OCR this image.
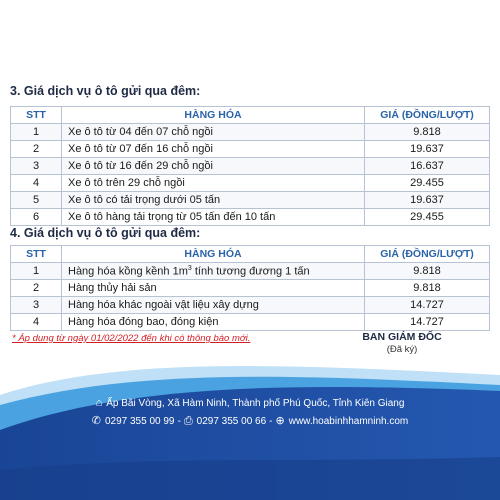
3. Giá dịch vụ ô tô gửi qua đêm:
STT	HÀNG HÓA	GIÁ (ĐỒNG/LƯỢT)
1	Xe ô tô từ 04 đến 07 chỗ ngồi	9.818
2	Xe ô tô từ 07 đến 16 chỗ ngồi	19.637
3	Xe ô tô từ 16 đến 29 chỗ ngồi	16.637
4	Xe ô tô trên 29 chỗ ngồi	29.455
5	Xe ô tô có tải trọng dưới 05 tấn	19.637
6	Xe ô tô hàng tải trọng từ 05 tấn đến 10 tấn	29.455
4. Giá dịch vụ ô tô gửi qua đêm:
STT	HÀNG HÓA	GIÁ (ĐỒNG/LƯỢT)
1	Hàng hóa kồng kềnh $1m^3$ tính tương đương 1 tấn	9.818
2	Hàng thủy hải sản	9.818
3	Hàng hóa khác ngoài vật liệu xây dựng	14.727
4	Hàng hóa đóng bao, đóng kiện	14.727
* Áp dụng từ ngày 01/02/2022 đến khi có thông báo mới.	BAN GIÁM ĐỐC
(Đã ký)
⌂ Ấp Bãi Vòng, Xã Hàm Ninh, Thành phố Phú Quốc, Tỉnh Kiên Giang
✆ 0297 355 00 99 - ⎙ 0297 355 00 66 - ⊕ www.hoabinhhamninh.com
